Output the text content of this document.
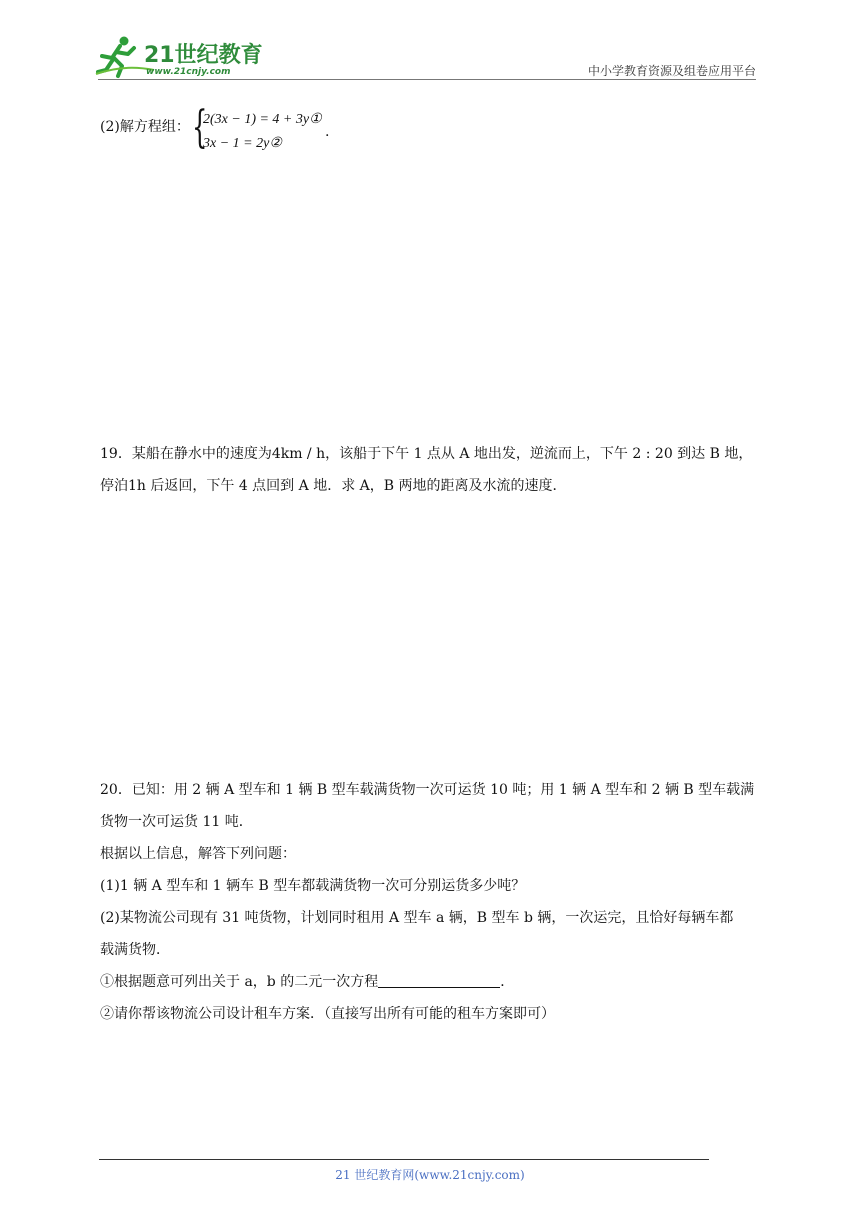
21世纪教育
www.21cnjy.com	中小学教育资源及组卷应用平台
(2)解方程组： {
2(3x − 1) = 4 + 3y①
3x − 1 = 2y②
.

19．某船在静水中的速度为4km / h，该船于下午 1 点从 A 地出发，逆流而上，下午 2 : 20 到达 B 地，

停泊1h 后返回，下午 4 点回到 A 地．求 A，B 两地的距离及水流的速度．

20．已知：用 2 辆 A 型车和 1 辆 B 型车载满货物一次可运货 10 吨；用 1 辆 A 型车和 2 辆 B 型车载满

货物一次可运货 11 吨．

根据以上信息，解答下列问题：

(1)1 辆 A 型车和 1 辆车 B 型车都载满货物一次可分别运货多少吨？

(2)某物流公司现有 31 吨货物，计划同时租用 A 型车 a 辆，B 型车 b 辆，一次运完，且恰好每辆车都

载满货物．

①根据题意可列出关于 a，b 的二元一次方程	．

②请你帮该物流公司设计租车方案．（直接写出所有可能的租车方案即可）

21 世纪教育网(www.21cnjy.com)
